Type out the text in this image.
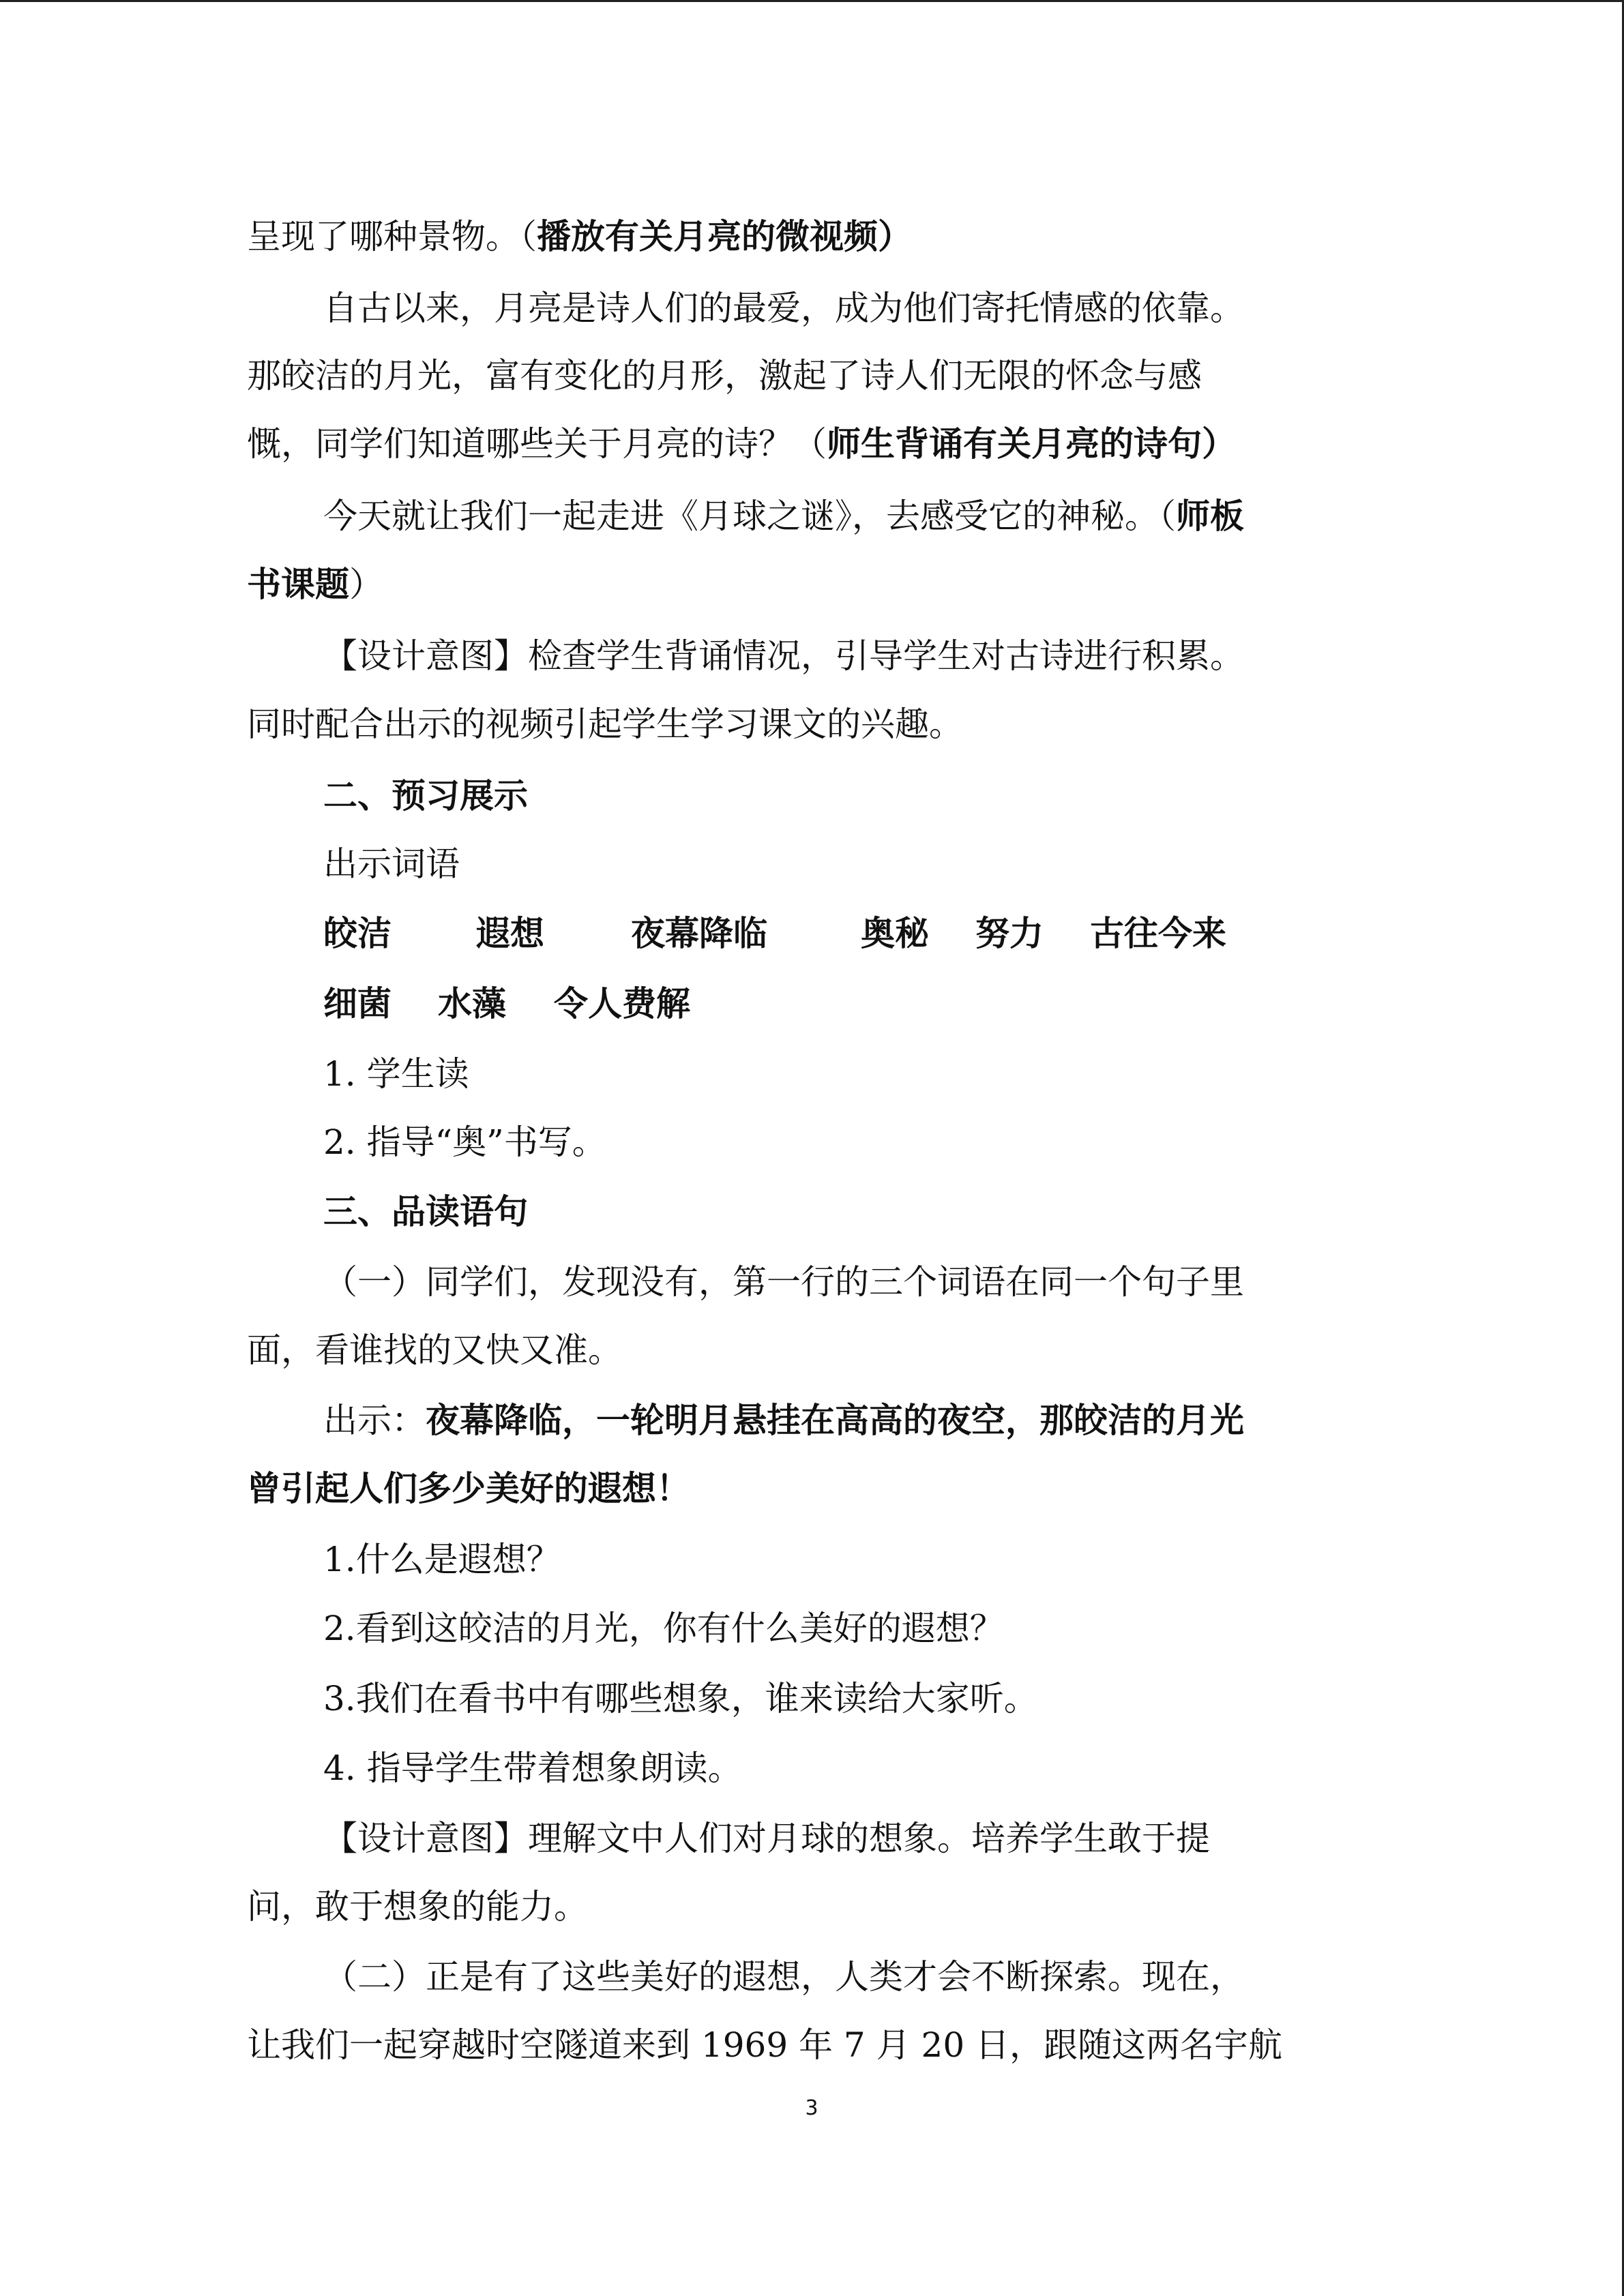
呈现了哪种景物。（播放有关月亮的微视频）
自古以来，月亮是诗人们的最爱，成为他们寄托情感的依靠。
那皎洁的月光，富有变化的月形，激起了诗人们无限的怀念与感
慨，同学们知道哪些关于月亮的诗？（师生背诵有关月亮的诗句）
今天就让我们一起走进《月球之谜》，去感受它的神秘。（师板
书课题）
【设计意图】检查学生背诵情况，引导学生对古诗进行积累。
同时配合出示的视频引起学生学习课文的兴趣。
二、预习展示
出示词语
皎洁 遐想	夜幕降临	奥秘 努力 古往今来
细菌 水藻 令人费解
1. 学生读
2. 指导“奥”书写。
三、品读语句
（一）同学们，发现没有，第一行的三个词语在同一个句子里
面，看谁找的又快又准。
出示：夜幕降临，一轮明月悬挂在高高的夜空，那皎洁的月光
曾引起人们多少美好的遐想！
1.什么是遐想？
2.看到这皎洁的月光，你有什么美好的遐想？
3.我们在看书中有哪些想象，谁来读给大家听。
4. 指导学生带着想象朗读。
【设计意图】理解文中人们对月球的想象。培养学生敢于提
问，敢于想象的能力。
（二）正是有了这些美好的遐想，人类才会不断探索。现在，
让我们一起穿越时空隧道来到 1969 年 7 月 20 日，跟随这两名宇航
3
